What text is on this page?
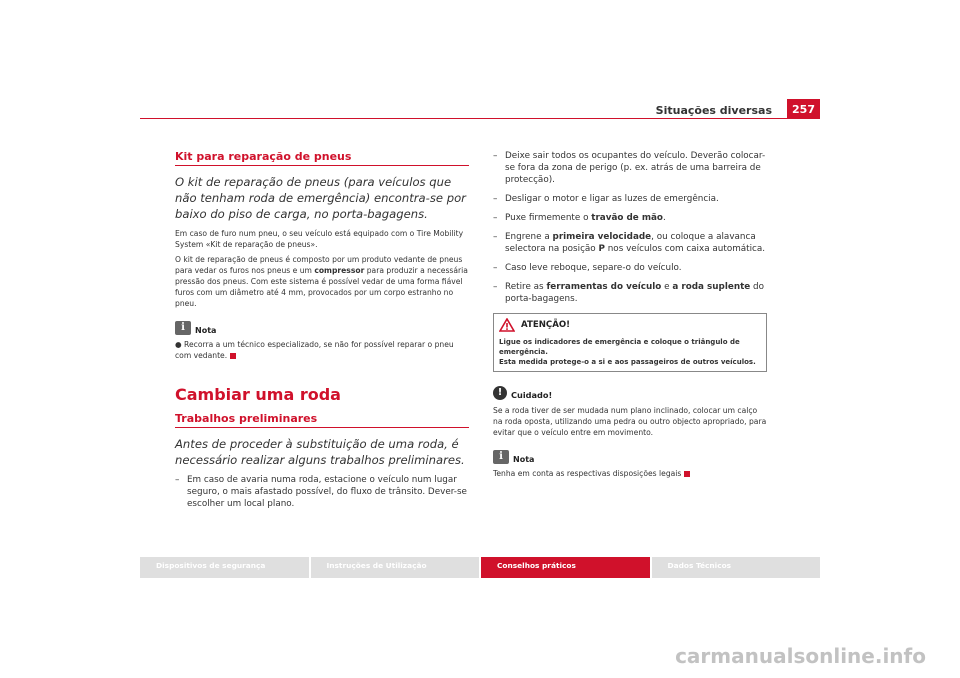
Situações diversas	257
Kit para reparação de pneus
O kit de reparação de pneus (para veículos que não tenham roda de emergência) encontra-se por baixo do piso de carga, no porta-bagagens.

Em caso de furo num pneu, o seu veículo está equipado com o Tire Mobility System «Kit de reparação de pneus».

O kit de reparação de pneus é composto por um produto vedante de pneus para vedar os furos nos pneus e um compressor para produzir a necessária pressão dos pneus. Com este sistema é possível vedar de uma forma fiável furos com um diâmetro até 4 mm, provocados por um corpo estranho no pneu.

i	Nota
● Recorra a um técnico especializado, se não for possível reparar o pneu com vedante.
Cambiar uma roda
Trabalhos preliminares
Antes de proceder à substituição de uma roda, é necessário realizar alguns trabalhos preliminares.
– Em caso de avaria numa roda, estacione o veículo num lugar seguro, o mais afastado possível, do fluxo de trânsito. Dever-se escolher um local plano.
– Deixe sair todos os ocupantes do veículo. Deverão colocar-se fora da zona de perigo (p. ex. atrás de uma barreira de protecção).
– Desligar o motor e ligar as luzes de emergência.
– Puxe firmemente o travão de mão.
– Engrene a primeira velocidade, ou coloque a alavanca selectora na posição P nos veículos com caixa automática.
– Caso leve reboque, separe-o do veículo.
– Retire as ferramentas do veículo e a roda suplente do porta-bagagens.
ATENÇÃO!

Ligue os indicadores de emergência e coloque o triângulo de emergência.

Esta medida protege-o a si e aos passageiros de outros veículos.

!	Cuidado!

Se a roda tiver de ser mudada num plano inclinado, colocar um calço na roda oposta, utilizando uma pedra ou outro objecto apropriado, para evitar que o veículo entre em movimento.

i	Nota

Tenha em conta as respectivas disposições legais

Dispositivos de segurança	Instruções de Utilização	Conselhos práticos	Dados Técnicos
carmanualsonline.info
